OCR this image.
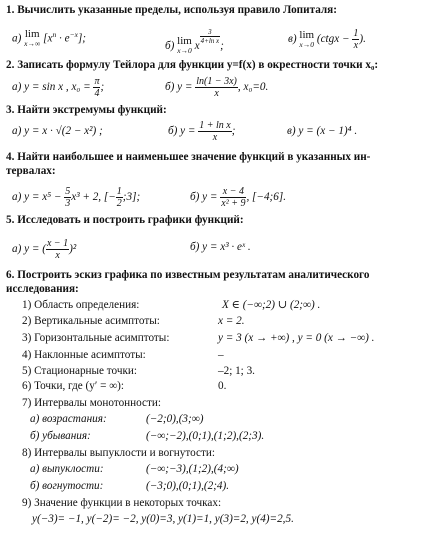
1. Вычислить указанные пределы, используя правило Лопиталя:
а) lim
x→∞ $[x^n \cdot e^{-x}]$;
б) lim
x→0 x
$\frac{3}{\text{4+ln x}}$
;
в) lim
x→0 (ctgx − $\frac{1}{x}$ ).
2. Записать формулу Тейлора для функции y=f(x) в окрестности точки x₀:
а) y = sin x , $x_0 = \frac{\pi}{4}$ ;	б) $y = \frac{\ln(1 - 3x)}{x}$ , x₀=0.
3. Найти экстремумы функций:
а) y = x · √(2 − x²) ;	б) $y = \frac{\text{1 + ln x}}{x}$ ;	в) y = (x − 1)⁴ .
4. Найти наибольшее и наименьшее значение функций в указанных ин-
тервалах:
а) $y = x^5 - \frac{5}{3} x^3 + 2$, [− $\frac{1}{2}$ ;3];	б) $y = \frac{x - 4}{\text{x² + 9}}$ , [−4;6].
5. Исследовать и построить графики функций:
а) y = ( $\frac{x - 1}{x} )^2$	б) y = x³ · eˣ .
6. Построить эскиз графика по известным результатам аналитического
исследования:
1) Область определения:	X ∈ (−∞;2) ∪ (2;∞) .
2) Вертикальные асимптоты:	x = 2.
3) Горизонтальные асимптоты:	y = 3 (x → +∞) , y = 0 (x → −∞) .
4) Наклонные асимптоты:	–
5) Стационарные точки:	–2; 1; 3.
6) Точки, где (y′ = ∞):	0.
7) Интервалы монотонности:
а) возрастания:	(−2;0),(3;∞)
б) убывания:	(−∞;−2),(0;1),(1;2),(2;3).
8) Интервалы выпуклости и вогнутости:
а) выпуклости:	(−∞;−3),(1;2),(4;∞)
б) вогнутости:	(−3;0),(0;1),(2;4).
9) Значение функции в некоторых точках:
y(−3)= −1, y(−2)= −2, y(0)=3, y(1)=1, y(3)=2, y(4)=2,5.
